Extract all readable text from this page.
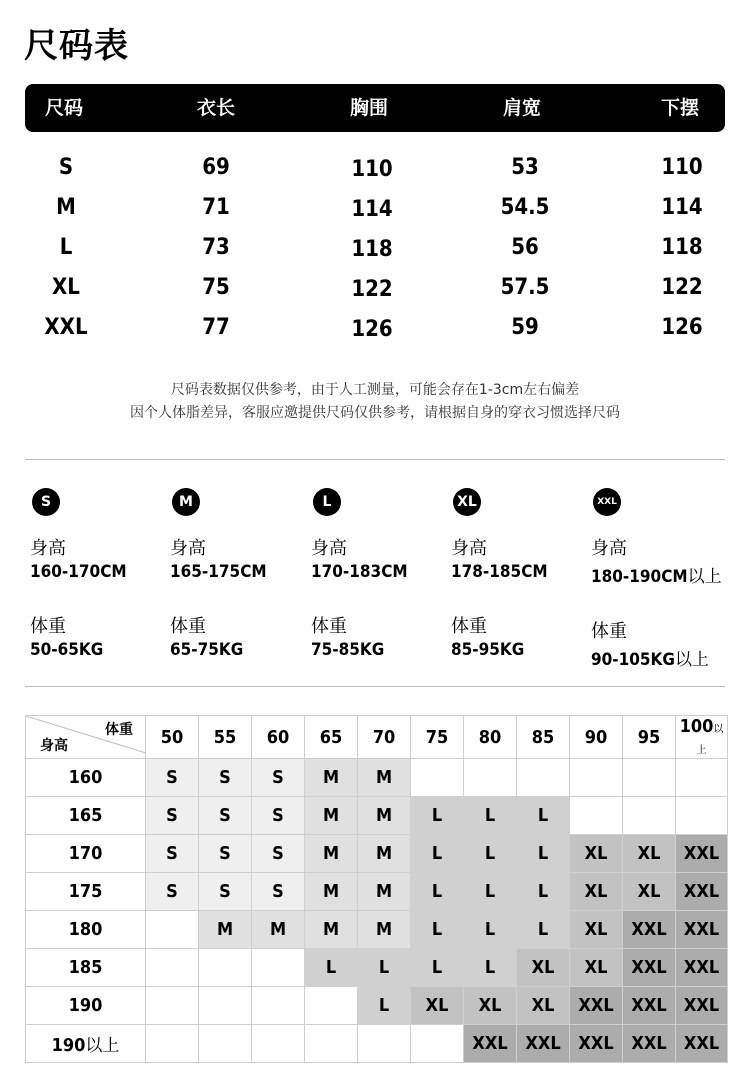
尺码表
尺码	衣长	胸围	肩宽	下摆
S	69	110	53	110
M	71	114	54.5	114
L	73	118	56	118
XL	75	122	57.5	122
XXL	77	126	59	126
尺码表数据仅供参考，由于人工测量，可能会存在1-3cm左右偏差
因个人体脂差异，客服应邀提供尺码仅供参考，请根据自身的穿衣习惯选择尺码
S
身高
160-170CM
体重
50-65KG
M
身高
165-175CM
体重
65-75KG
L
身高
170-183CM
体重
75-85KG
XL
身高
178-185CM
体重
85-95KG
XXL
身高
180-190CM以上
体重
90-105KG以上
体重
身高	50	55	60	65	70	75	80	85	90	95	100以上
160	S	S	S	M	M						
165	S	S	S	M	M	L	L	L			
170	S	S	S	M	M	L	L	L	XL	XL	XXL
175	S	S	S	M	M	L	L	L	XL	XL	XXL
180		M	M	M	M	L	L	L	XL	XXL	XXL
185				L	L	L	L	XL	XL	XXL	XXL
190					L	XL	XL	XL	XXL	XXL	XXL
190以上							XXL	XXL	XXL	XXL	XXL
